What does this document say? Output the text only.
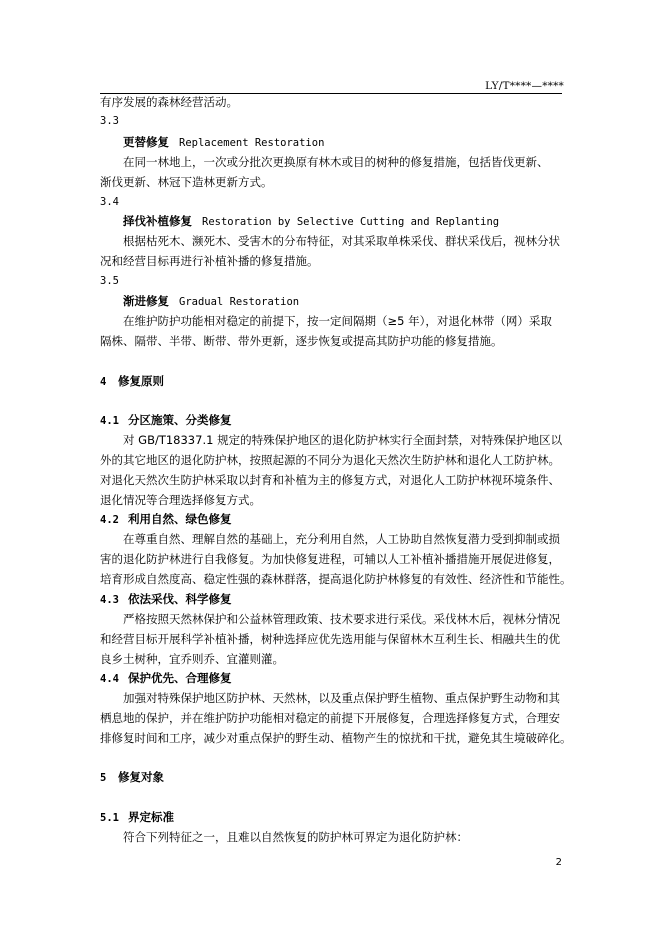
LY/T****—****
有序发展的森林经营活动。
3.3
更替修复 Replacement Restoration
在同一林地上，一次或分批次更换原有林木或目的树种的修复措施，包括皆伐更新、
渐伐更新、林冠下造林更新方式。
3.4
择伐补植修复 Restoration by Selective Cutting and Replanting
根据枯死木、濒死木、受害木的分布特征，对其采取单株采伐、群状采伐后，视林分状
况和经营目标再进行补植补播的修复措施。
3.5
渐进修复 Gradual Restoration
在维护防护功能相对稳定的前提下，按一定间隔期（≥5 年），对退化林带（网）采取
隔株、隔带、半带、断带、带外更新，逐步恢复或提高其防护功能的修复措施。
4 修复原则
4.1 分区施策、分类修复
对 GB/T18337.1 规定的特殊保护地区的退化防护林实行全面封禁，对特殊保护地区以
外的其它地区的退化防护林，按照起源的不同分为退化天然次生防护林和退化人工防护林。
对退化天然次生防护林采取以封育和补植为主的修复方式，对退化人工防护林视环境条件、
退化情况等合理选择修复方式。
4.2 利用自然、绿色修复
在尊重自然、理解自然的基础上，充分利用自然，人工协助自然恢复潜力受到抑制或损
害的退化防护林进行自我修复。为加快修复进程，可辅以人工补植补播措施开展促进修复，
培育形成自然度高、稳定性强的森林群落，提高退化防护林修复的有效性、经济性和节能性。
4.3 依法采伐、科学修复
严格按照天然林保护和公益林管理政策、技术要求进行采伐。采伐林木后，视林分情况
和经营目标开展科学补植补播，树种选择应优先选用能与保留林木互利生长、相融共生的优
良乡土树种，宜乔则乔、宜灌则灌。
4.4 保护优先、合理修复
加强对特殊保护地区防护林、天然林，以及重点保护野生植物、重点保护野生动物和其
栖息地的保护，并在维护防护功能相对稳定的前提下开展修复，合理选择修复方式，合理安
排修复时间和工序，减少对重点保护的野生动、植物产生的惊扰和干扰，避免其生境破碎化。
5 修复对象
5.1 界定标准
符合下列特征之一，且难以自然恢复的防护林可界定为退化防护林：
2
